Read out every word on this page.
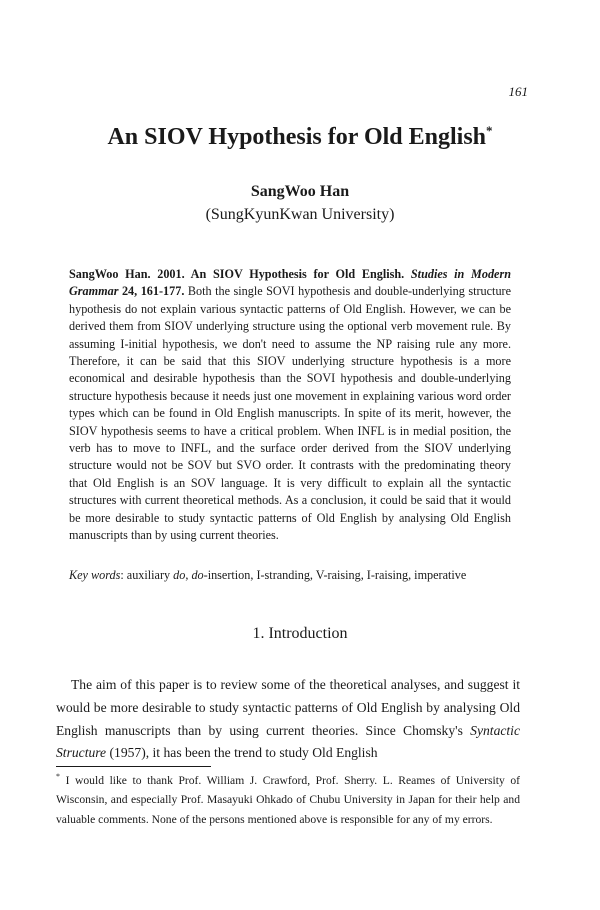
161
An SIOV Hypothesis for Old English*
SangWoo Han
(SungKyunKwan University)

SangWoo Han. 2001. An SIOV Hypothesis for Old English. Studies in Modern Grammar 24, 161-177. Both the single SOVI hypothesis and double-underlying structure hypothesis do not explain various syntactic patterns of Old English. However, we can be derived them from SIOV underlying structure using the optional verb movement rule. By assuming I-initial hypothesis, we don't need to assume the NP raising rule any more. Therefore, it can be said that this SIOV underlying structure hypothesis is a more economical and desirable hypothesis than the SOVI hypothesis and double-underlying structure hypothesis because it needs just one movement in explaining various word order types which can be found in Old English manuscripts. In spite of its merit, however, the SIOV hypothesis seems to have a critical problem. When INFL is in medial position, the verb has to move to INFL, and the surface order derived from the SIOV underlying structure would not be SOV but SVO order. It contrasts with the predominating theory that Old English is an SOV language. It is very difficult to explain all the syntactic structures with current theoretical methods. As a conclusion, it could be said that it would be more desirable to study syntactic patterns of Old English by analysing Old English manuscripts than by using current theories.

Key words: auxiliary do, do-insertion, I-stranding, V-raising, I-raising, imperative

1. Introduction

The aim of this paper is to review some of the theoretical analyses, and suggest it would be more desirable to study syntactic patterns of Old English by analysing Old English manuscripts than by using current theories. Since Chomsky's Syntactic Structure (1957), it has been the trend to study Old English

* I would like to thank Prof. William J. Crawford, Prof. Sherry. L. Reames of University of Wisconsin, and especially Prof. Masayuki Ohkado of Chubu University in Japan for their help and valuable comments. None of the persons mentioned above is responsible for any of my errors.
